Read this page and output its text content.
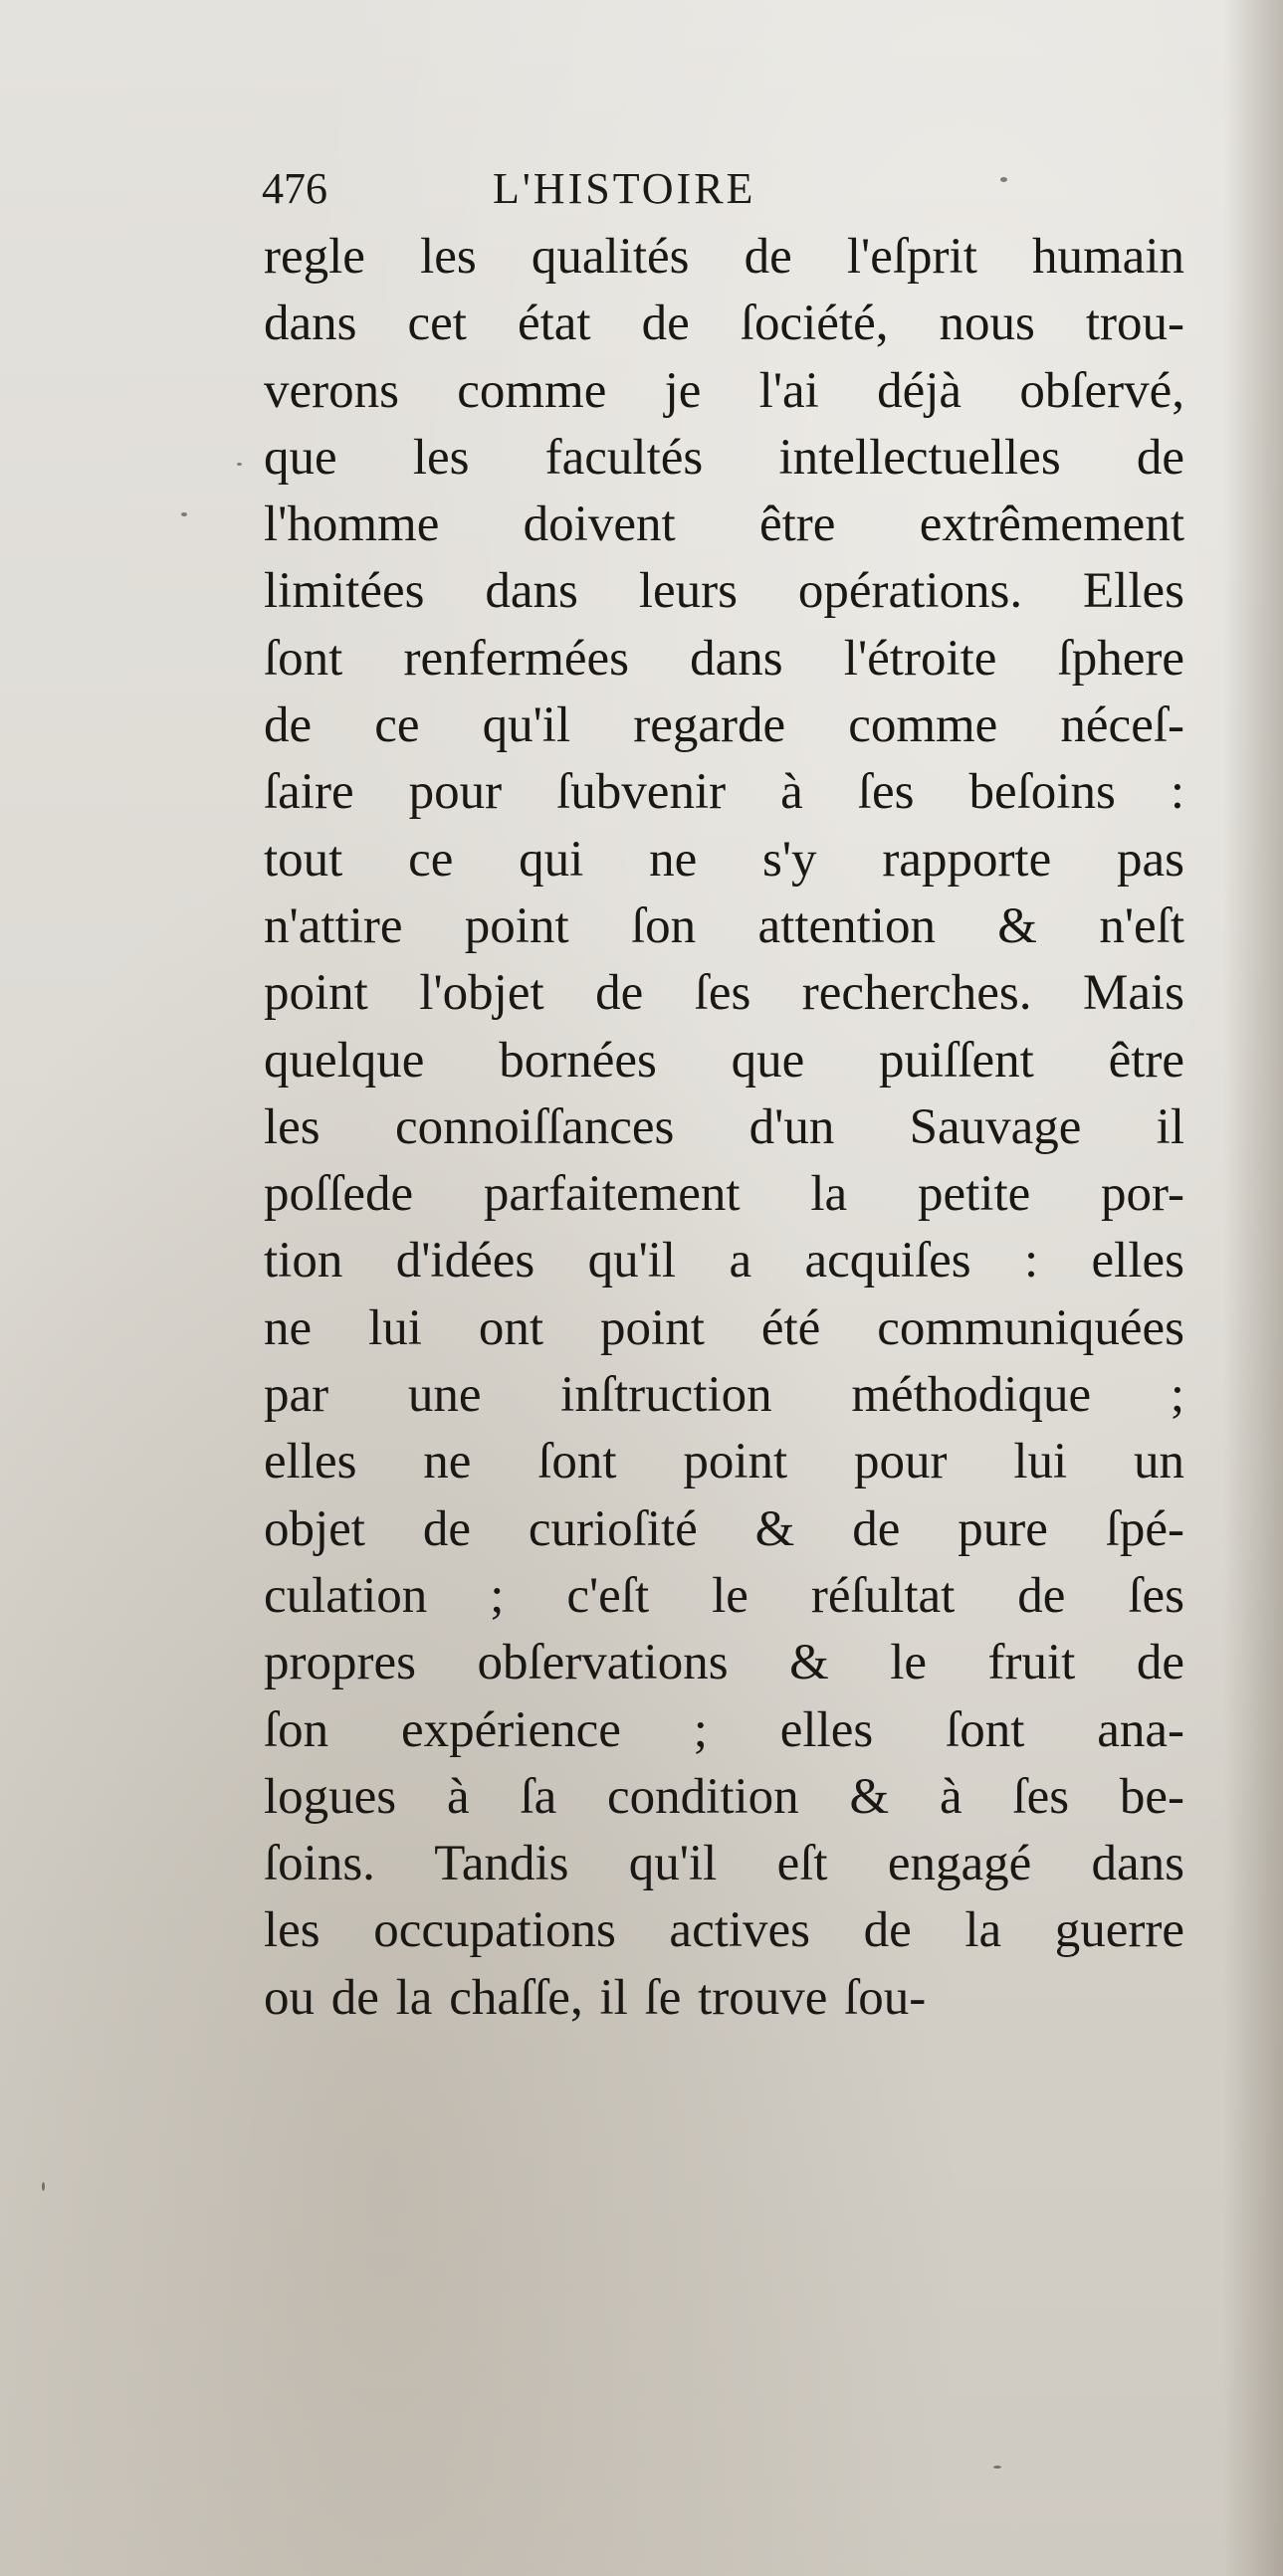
476	L'HISTOIRE
regle les qualités de l'eſprit humain
dans cet état de ſociété, nous trou-
verons comme je l'ai déjà obſervé,
que les facultés intellectuelles de
l'homme doivent être extrêmement
limitées dans leurs opérations. Elles
ſont renfermées dans l'étroite ſphere
de ce qu'il regarde comme néceſ-
ſaire pour ſubvenir à ſes beſoins :
tout ce qui ne s'y rapporte pas
n'attire point ſon attention & n'eſt
point l'objet de ſes recherches. Mais
quelque bornées que puiſſent être
les connoiſſances d'un Sauvage il
poſſede parfaitement la petite por-
tion d'idées qu'il a acquiſes : elles
ne lui ont point été communiquées
par une inſtruction méthodique ;
elles ne ſont point pour lui un
objet de curioſité & de pure ſpé-
culation ; c'eſt le réſultat de ſes
propres obſervations & le fruit de
ſon expérience ; elles ſont ana-
logues à ſa condition & à ſes be-
ſoins. Tandis qu'il eſt engagé dans
les occupations actives de la guerre
ou de la chaſſe, il ſe trouve ſou-
